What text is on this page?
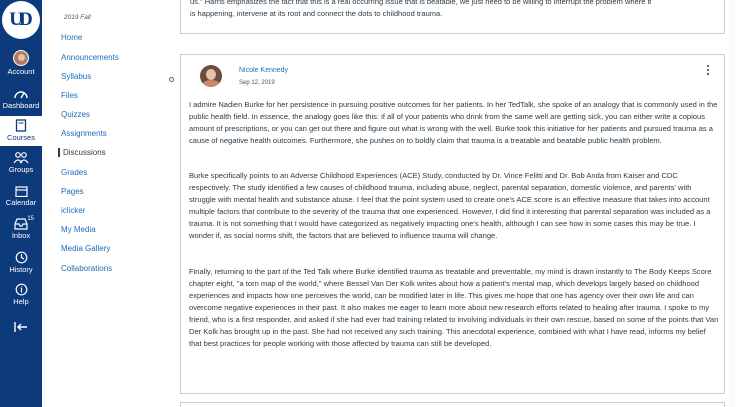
UD
Account
Dashboard
Courses
Groups
Calendar
15
Inbox
History
i
Help
2019 Fall
Home
Announcements
Syllabus
Files
Quizzes
Assignments
Discussions
Grades
Pages
iclicker
My Media
Media Gallery
Collaborations
us." Harris emphasizes the fact that this is a real occurring issue that is beatable, we just need to be willing to interrupt the problem where it
is happening, intervene at its root and connect the dots to childhood trauma.
Nicole Kennedy
Sep 12, 2019

I admire Nadien Burke for her persistence in pursuing positive outcomes for her patients. In her TedTalk, she spoke of an analogy that is commonly used in the public health field. In essence, the analogy goes like this: if all of your patients who drink from the same well are getting sick, you can either write a copious amount of prescriptions, or you can get out there and figure out what is wrong with the well. Burke took this initiative for her patients and pursued trauma as a cause of negative health outcomes. Furthermore, she pushes on to boldly claim that trauma is a treatable and beatable public health problem.

Burke specifically points to an Adverse Childhood Experiences (ACE) Study, conducted by Dr. Vince Felitti and Dr. Bob Anda from Kaiser and CDC respectively. The study identified a few causes of childhood trauma, including abuse, neglect, parental separation, domestic violence, and parents' with struggle with mental health and substance abuse. I feel that the point system used to create one's ACE score is an effective measure that takes into account multiple factors that contribute to the severity of the trauma that one experienced. However, I did find it interesting that parental separation was included as a trauma. It is not something that I would have categorized as negatively impacting one's health, although I can see how in some cases this may be true. I wonder if, as social norms shift, the factors that are believed to influence trauma will change.

Finally, returning to the part of the Ted Talk where Burke identified trauma as treatable and preventable, my mind is drawn instantly to The Body Keeps Score chapter eight, "a torn map of the world," where Bessel Van Der Kolk writes about how a patient's mental map, which develops largely based on childhood experiences and impacts how one perceives the world, can be modified later in life. This gives me hope that one has agency over their own life and can overcome negative experiences in their past. It also makes me eager to learn more about new research efforts related to healing after trauma. I spoke to my friend, who is a first responder, and asked if she had ever had training related to involving individuals in their own rescue, based on some of the points that Van Der Kolk has brought up in the past. She had not received any such training. This anecdotal experience, combined with what I have read, informs my belief that best practices for people working with those affected by trauma can still be developed.
